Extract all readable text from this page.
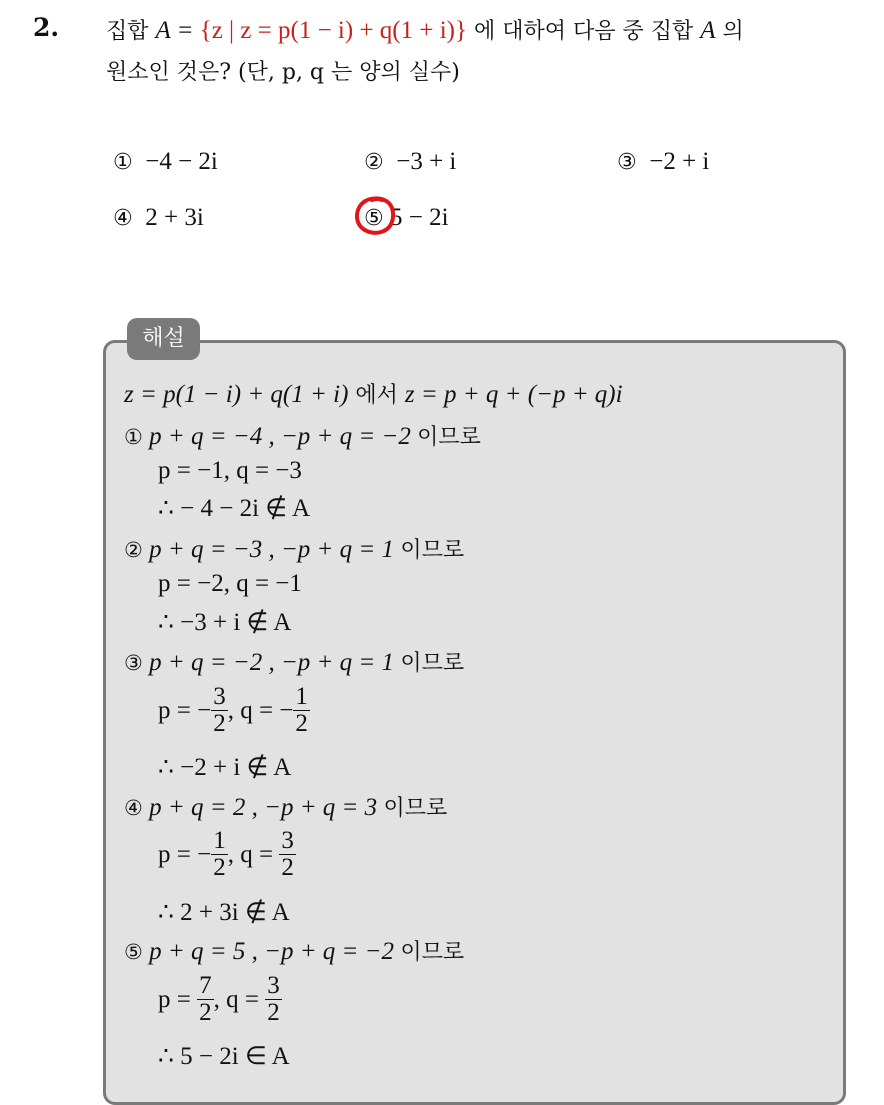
2. 집합 A = {z | z = p(1 − i) + q(1 + i)} 에 대하여 다음 중 집합 A 의
원소인 것은? (단, p, q 는 양의 실수)
① −4 − 2i	② −3 + i	③ −2 + i
④ 2 + 3i	⑤ 5 − 2i
해설
z = p(1 − i) + q(1 + i) 에서 z = p + q + (−p + q)i
① p + q = −4 , −p + q = −2 이므로
p = −1, q = −3
∴ − 4 − 2i ∉ A
② p + q = −3 , −p + q = 1 이므로
p = −2, q = −1
∴ −3 + i ∉ A
③ p + q = −2 , −p + q = 1 이므로
p = − $\frac{3}{2}$ , q = − $\frac{1}{2}$
∴ −2 + i ∉ A
④ p + q = 2 , −p + q = 3 이므로
p = − $\frac{1}{2}$ , $q = \frac{3}{2}$
∴ 2 + 3i ∉ A
⑤ p + q = 5 , −p + q = −2 이므로
$p = \frac{7}{2}$ , $q = \frac{3}{2}$
∴ 5 − 2i ∈ A
